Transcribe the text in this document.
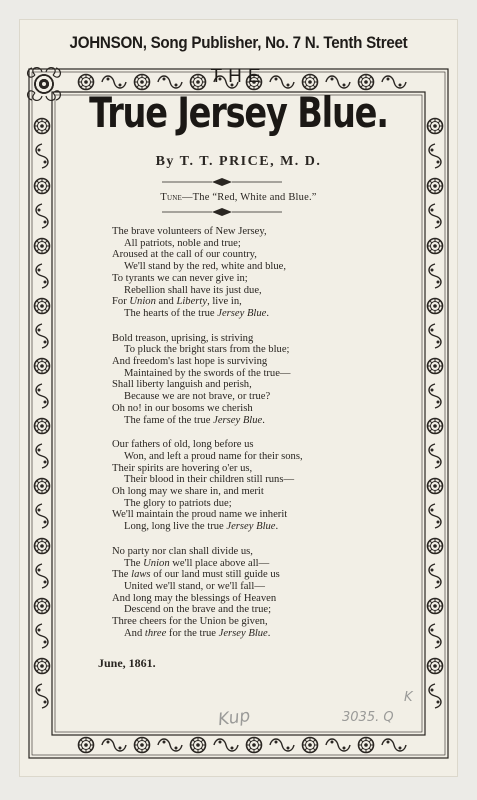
JOHNSON, Song Publisher, No. 7 N. Tenth Street
THE
True Jersey Blue.
By T. T. PRICE, M. D.
Tune—The “Red, White and Blue.”
The brave volunteers of New Jersey,
All patriots, noble and true;
Aroused at the call of our country,
We'll stand by the red, white and blue,
To tyrants we can never give in;
Rebellion shall have its just due,
For Union and Liberty, live in,
The hearts of the true Jersey Blue.
Bold treason, uprising, is striving
To pluck the bright stars from the blue;
And freedom's last hope is surviving
Maintained by the swords of the true—
Shall liberty languish and perish,
Because we are not brave, or true?
Oh no! in our bosoms we cherish
The fame of the true Jersey Blue.
Our fathers of old, long before us
Won, and left a proud name for their sons,
Their spirits are hovering o'er us,
Their blood in their children still runs—
Oh long may we share in, and merit
The glory to patriots due;
We'll maintain the proud name we inherit
Long, long live the true Jersey Blue.
No party nor clan shall divide us,
The Union we'll place above all—
The laws of our land must still guide us
United we'll stand, or we'll fall—
And long may the blessings of Heaven
Descend on the brave and the true;
Three cheers for the Union be given,
And three for the true Jersey Blue.
June, 1861.
Kup	3035. Q
K
